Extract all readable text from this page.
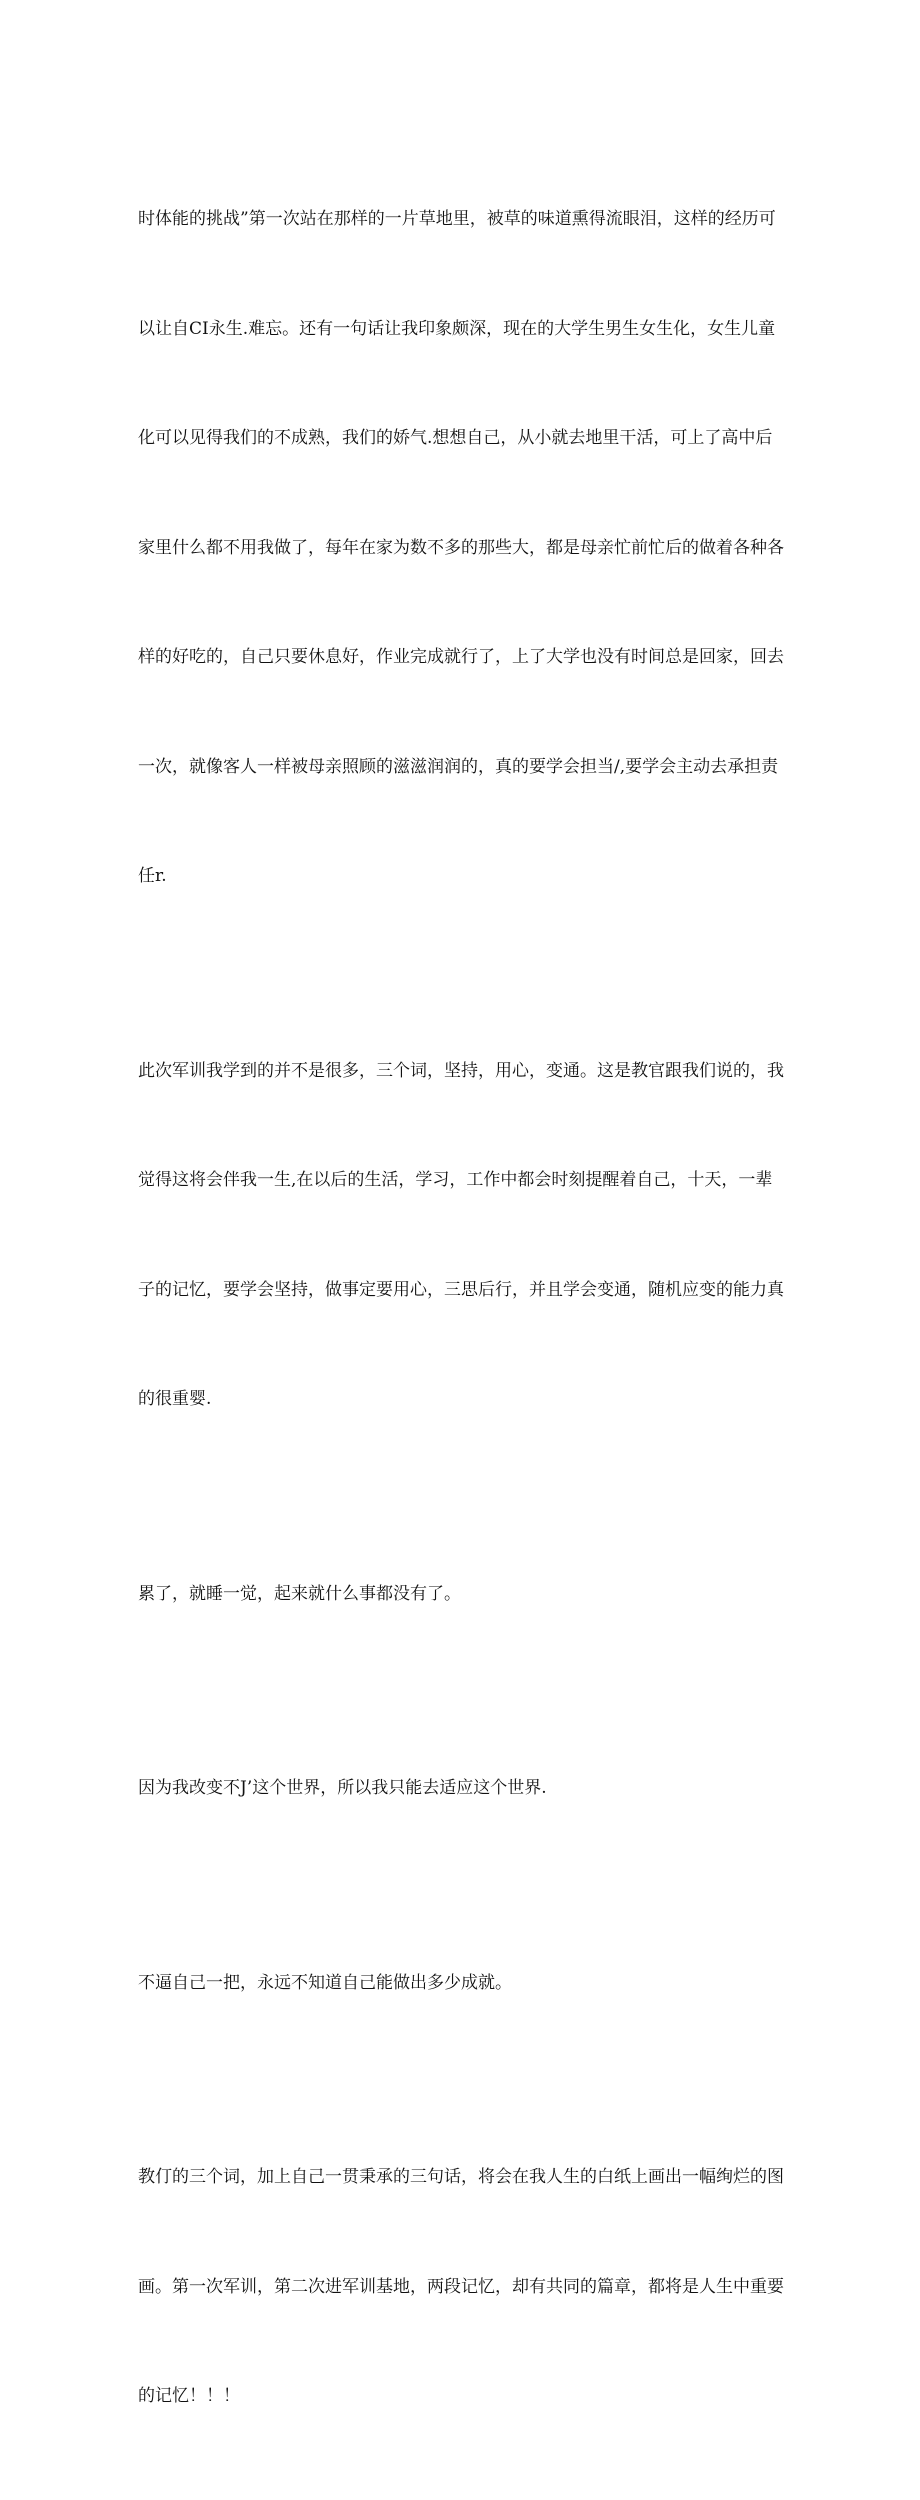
时体能的挑战”第一次站在那样的一片草地里，被草的味道熏得流眼泪，这样的经历可

以让自CI永生.难忘。还有一句话让我印象颇深，现在的大学生男生女生化，女生儿童

化可以见得我们的不成熟，我们的娇气.想想自己，从小就去地里干活，可上了高中后

家里什么都不用我做了，每年在家为数不多的那些大，都是母亲忙前忙后的做着各种各

样的好吃的，自己只要休息好，作业完成就行了，上了大学也没有时间总是回家，回去

一次，就像客人一样被母亲照顾的滋滋润润的，真的要学会担当/,要学会主动去承担责

任r.

此次军训我学到的并不是很多，三个词，坚持，用心，变通。这是教官跟我们说的，我

觉得这将会伴我一生,在以后的生活，学习，工作中都会时刻提醒着自己，十天，一辈

子的记忆，要学会坚持，做事定要用心，三思后行，并且学会变通，随机应变的能力真

的很重婴.

累了，就睡一觉，起来就什么事都没有了。

因为我改变不J’这个世界，所以我只能去适应这个世界.

不逼自己一把，永远不知道自己能做出多少成就。

教仃的三个词，加上自己一贯秉承的三句话，将会在我人生的白纸上画出一幅绚烂的图

画。第一次军训，第二次进军训基地，两段记忆，却有共同的篇章，都将是人生中重要

的记忆！！！
